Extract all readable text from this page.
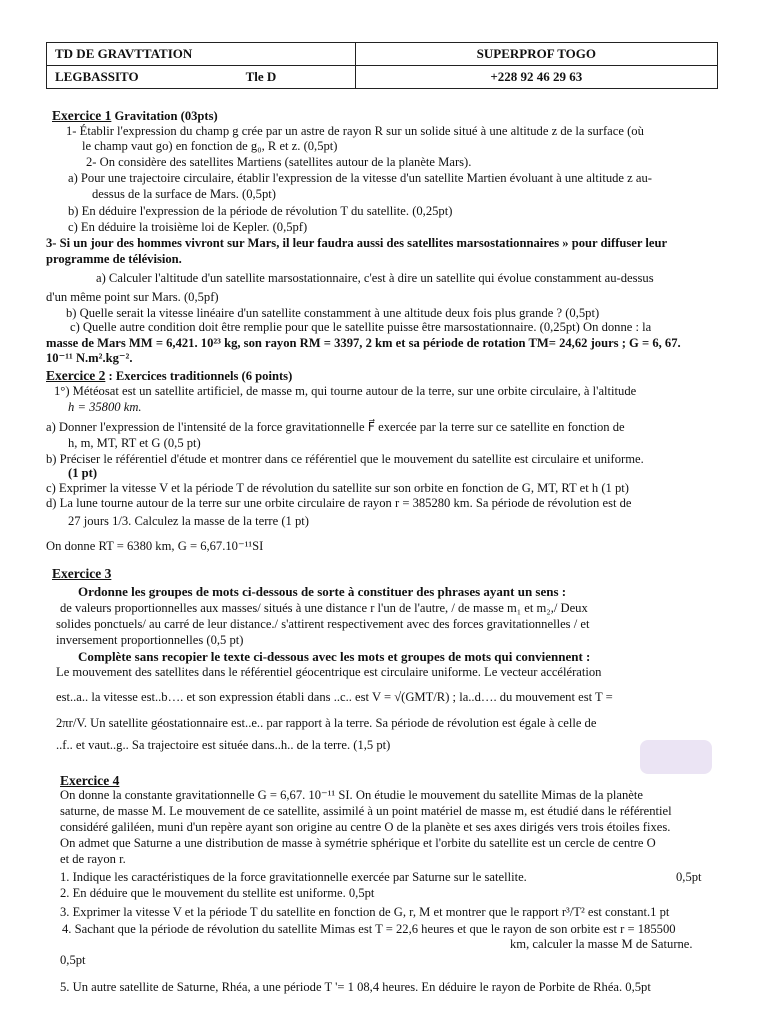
TD DE GRAVTTATION	SUPERPROF TOGO
LEGBASSITO Tle D	+228 92 46 29 63
Exercice 1 Gravitation (03pts)
1- Établir l'expression du champ g crée par un astre de rayon R sur un solide situé à une altitude z de la surface (où
le champ vaut go) en fonction de g₀, R et z. (0,5pt)
2- On considère des satellites Martiens (satellites autour de la planète Mars).
a) Pour une trajectoire circulaire, établir l'expression de la vitesse d'un satellite Martien évoluant à une altitude z au-
dessus de la surface de Mars. (0,5pt)
b) En déduire l'expression de la période de révolution T du satellite. (0,25pt)
c) En déduire la troisième loi de Kepler. (0,5pf)
3- Si un jour des hommes vivront sur Mars, il leur faudra aussi des satellites marsostationnaires » pour diffuser leur
programme de télévision.
a) Calculer l'altitude d'un satellite marsostationnaire, c'est à dire un satellite qui évolue constamment au-dessus
d'un même point sur Mars. (0,5pf)
b) Quelle serait la vitesse linéaire d'un satellite constamment à une altitude deux fois plus grande ? (0,5pt)
c) Quelle autre condition doit être remplie pour que le satellite puisse être marsostationnaire. (0,25pt) On donne : la
masse de Mars MM = 6,421. 10²³ kg, son rayon RM = 3397, 2 km et sa période de rotation TM= 24,62 jours ; G = 6, 67.
10⁻¹¹ N.m².kg⁻².
Exercice 2 : Exercices traditionnels (6 points)
1°) Météosat est un satellite artificiel, de masse m, qui tourne autour de la terre, sur une orbite circulaire, à l'altitude
h = 35800 km.
a) Donner l'expression de l'intensité de la force gravitationnelle F⃗ exercée par la terre sur ce satellite en fonction de
h, m, MT, RT et G (0,5 pt)
b) Préciser le référentiel d'étude et montrer dans ce référentiel que le mouvement du satellite est circulaire et uniforme.
(1 pt)
c) Exprimer la vitesse V et la période T de révolution du satellite sur son orbite en fonction de G, MT, RT et h (1 pt)
d) La lune tourne autour de la terre sur une orbite circulaire de rayon r = 385280 km. Sa période de révolution est de
27 jours 1/3. Calculez la masse de la terre (1 pt)
On donne RT = 6380 km, G = 6,67.10⁻¹¹SI
Exercice 3
Ordonne les groupes de mots ci-dessous de sorte à constituer des phrases ayant un sens :
de valeurs proportionnelles aux masses/ situés à une distance r l'un de l'autre, / de masse m₁ et m₂,/ Deux
solides ponctuels/ au carré de leur distance./ s'attirent respectivement avec des forces gravitationnelles / et
inversement proportionnelles (0,5 pt)
Complète sans recopier le texte ci-dessous avec les mots et groupes de mots qui conviennent :
Le mouvement des satellites dans le référentiel géocentrique est circulaire uniforme. Le vecteur accélération
est..a.. la vitesse est..b…. et son expression établi dans ..c.. est V = √(GMT/R) ; la..d…. du mouvement est T =
2πr/V. Un satellite géostationnaire est..e.. par rapport à la terre. Sa période de révolution est égale à celle de
..f.. et vaut..g.. Sa trajectoire est située dans..h.. de la terre. (1,5 pt)
Exercice 4
On donne la constante gravitationnelle G = 6,67. 10⁻¹¹ SI. On étudie le mouvement du satellite Mimas de la planète
saturne, de masse M. Le mouvement de ce satellite, assimilé à un point matériel de masse m, est étudié dans le référentiel
considéré galiléen, muni d'un repère ayant son origine au centre O de la planète et ses axes dirigés vers trois étoiles fixes.
On admet que Saturne a une distribution de masse à symétrie sphérique et l'orbite du satellite est un cercle de centre O
et de rayon r.
1. Indique les caractéristiques de la force gravitationnelle exercée par Saturne sur le satellite.	0,5pt
2. En déduire que le mouvement du stellite est uniforme. 0,5pt
3. Exprimer la vitesse V et la période T du satellite en fonction de G, r, M et montrer que le rapport r³/T² est constant.1 pt
4. Sachant que la période de révolution du satellite Mimas est T = 22,6 heures et que le rayon de son orbite est r = 185500
km, calculer la masse M de Saturne.
0,5pt
5. Un autre satellite de Saturne, Rhéa, a une période T '= 1 08,4 heures. En déduire le rayon de Porbite de Rhéa. 0,5pt
